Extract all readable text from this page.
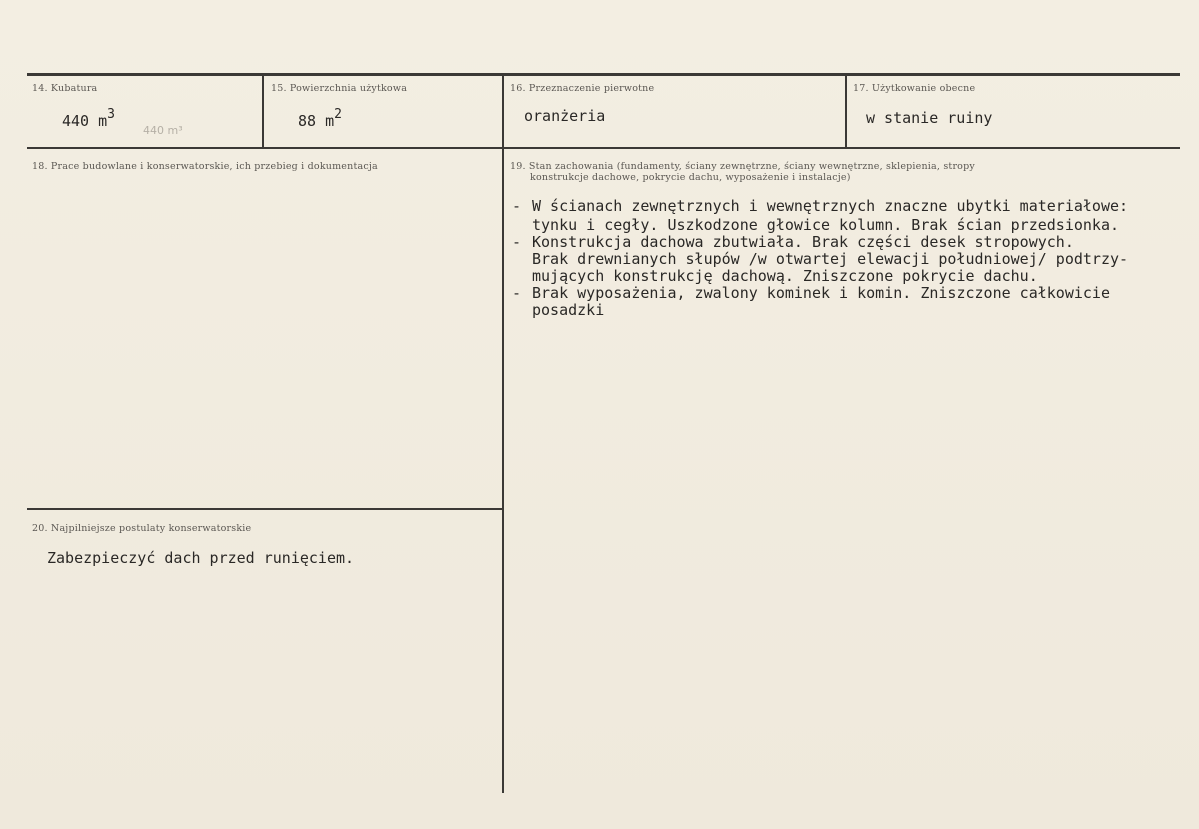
14. Kubatura
440 m3
440 m³
15. Powierzchnia użytkowa
88 m2
16. Przeznaczenie pierwotne
oranżeria
17. Użytkowanie obecne
w stanie ruiny
18. Prace budowlane i konserwatorskie, ich przebieg i dokumentacja	19. Stan zachowania (fundamenty, ściany zewnętrzne, ściany wewnętrzne, sklepienia, stropy
konstrukcje dachowe, pokrycie dachu, wyposażenie i instalacje)
- W ścianach zewnętrznych i wewnętrznych znaczne ubytki materiałowe:
tynku i cegły. Uszkodzone głowice kolumn. Brak ścian przedsionka.
- Konstrukcja dachowa zbutwiała. Brak części desek stropowych.
Brak drewnianych słupów /w otwartej elewacji południowej/ podtrzy-
mujących konstrukcję dachową. Zniszczone pokrycie dachu.
- Brak wyposażenia, zwalony kominek i komin. Zniszczone całkowicie
posadzki
20. Najpilniejsze postulaty konserwatorskie
Zabezpieczyć dach przed runięciem.
